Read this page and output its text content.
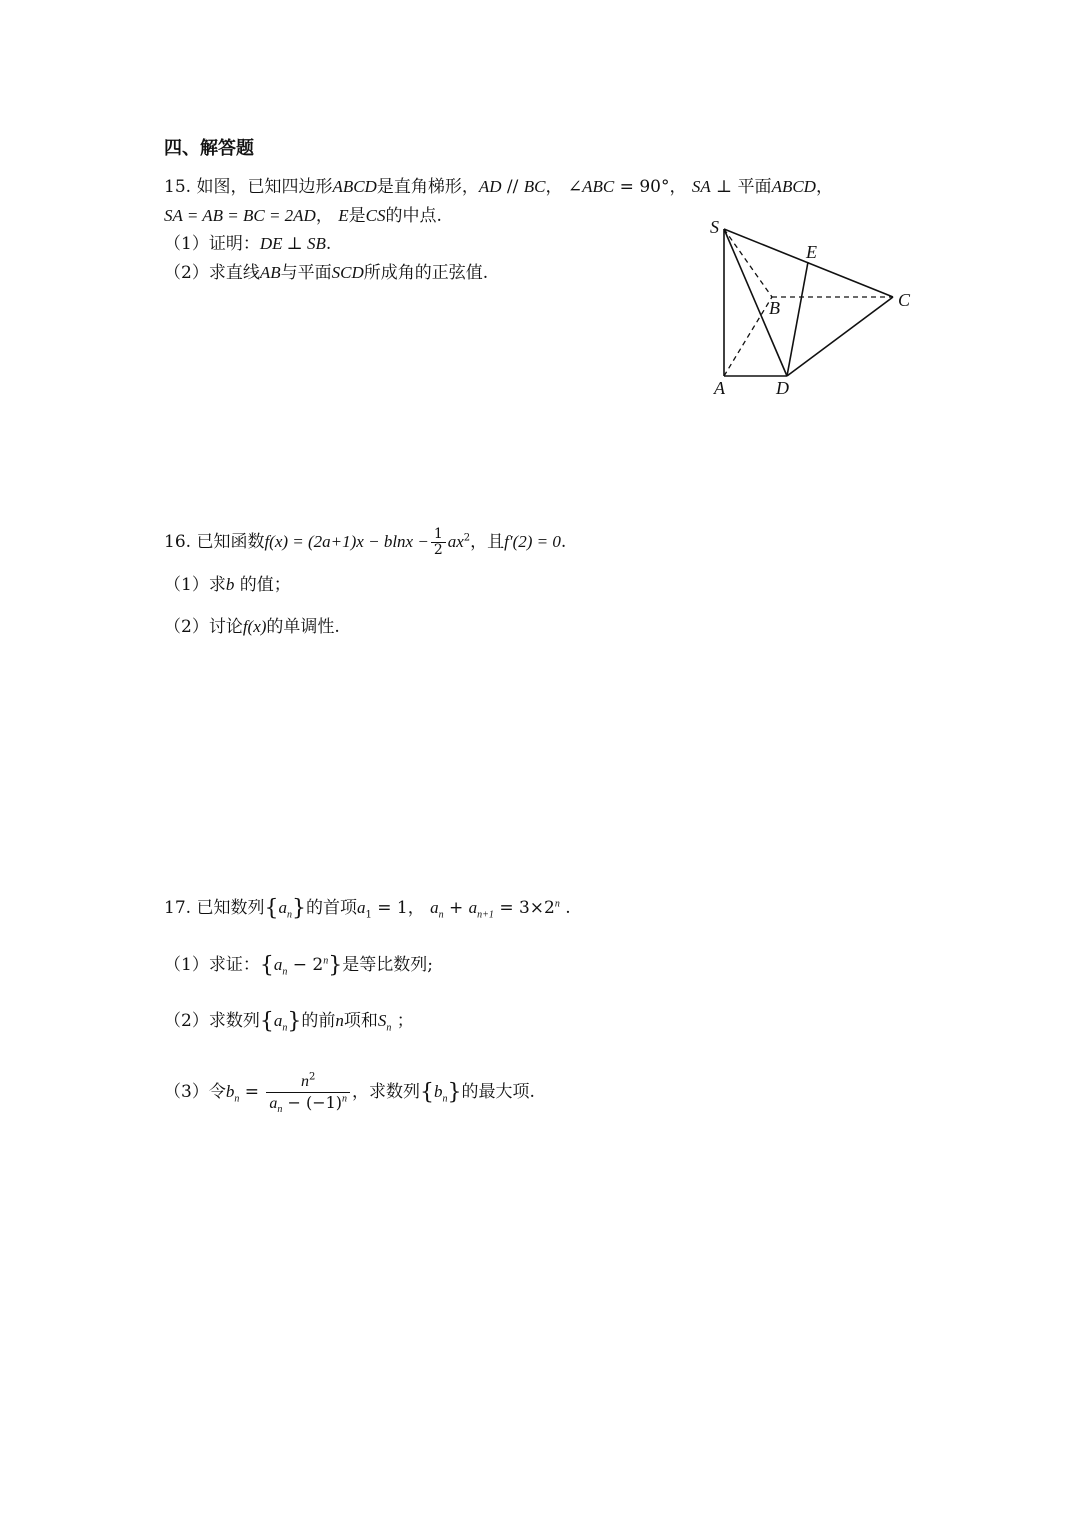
四、解答题
15. 如图，已知四边形ABCD是直角梯形，AD // BC， ∠ABC = 90°， SA ⊥ 平面ABCD，
SA = AB = BC = 2AD， E是CS的中点.
（1）证明：DE ⊥ SB.
（2）求直线AB与平面SCD所成角的正弦值.
S
E
B	C
A	D
16. 已知函数$f(x) = (2a+1)x - blnx - \frac{1}{2} ax^2$，且f′(2) = 0.
（1）求b 的值；
（2）讨论f(x)的单调性.
17. 已知数列$\{a_n\}$的首项$a_1 = 1$， $a_n + a_{n+1} = 3\times 2^n$ .
（1）求证：$\{a_n - 2^n\}$是等比数列;
（2）求数列$\{a_n\}$的前n项和$S_n$ ；
（3）令$b_n = \frac{n^2}{a_n - (-1)^n}$ ，求数列$\{b_n\}$的最大项.
